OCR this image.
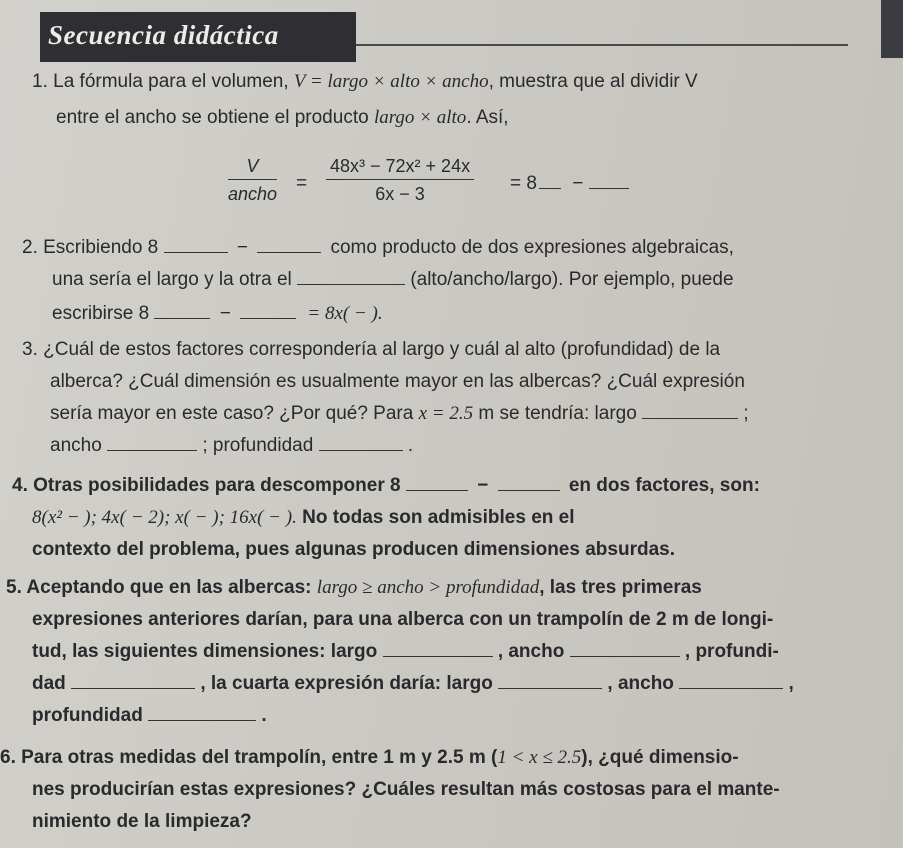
Secuencia didáctica
1. La fórmula para el volumen, V = largo × alto × ancho, muestra que al dividir V
entre el ancho se obtiene el producto largo × alto. Así,
V
ancho = $\frac{\text{48x³ − 72x² + 24x}}{6x - 3} = 8$ −
2. Escribiendo 8	−	como producto de dos expresiones algebraicas,
una sería el largo y la otra el	(alto/ancho/largo). Por ejemplo, puede
escribirse 8	−	= 8x( − ).
3. ¿Cuál de estos factores correspondería al largo y cuál al alto (profundidad) de la
alberca? ¿Cuál dimensión es usualmente mayor en las albercas? ¿Cuál expresión
sería mayor en este caso? ¿Por qué? Para x = 2.5 m se tendría: largo	;
ancho	; profundidad	.
4. Otras posibilidades para descomponer 8	−	en dos factores, son:
8(x² − ); 4x( − 2); x( − ); 16x( − ). No todas son admisibles en el
contexto del problema, pues algunas producen dimensiones absurdas.
5. Aceptando que en las albercas: largo ≥ ancho > profundidad, las tres primeras
expresiones anteriores darían, para una alberca con un trampolín de 2 m de longi-
tud, las siguientes dimensiones: largo	, ancho	, profundi-
dad	, la cuarta expresión daría: largo	, ancho	,
profundidad	.
6. Para otras medidas del trampolín, entre 1 m y 2.5 m (1 < x ≤ 2.5), ¿qué dimensio-
nes producirían estas expresiones? ¿Cuáles resultan más costosas para el mante-
nimiento de la limpieza?
